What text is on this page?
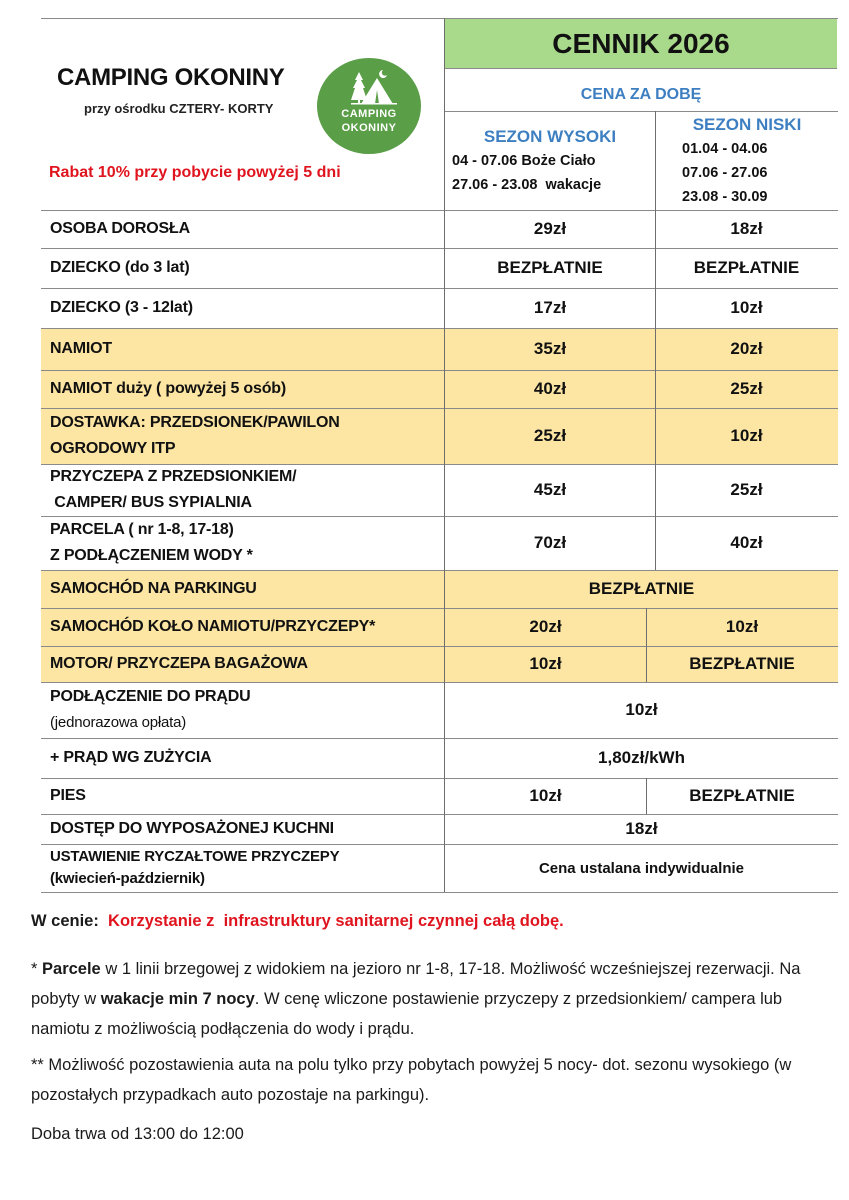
CAMPING OKONINY
przy ośrodku CZTERY- KORTY
Rabat 10% przy pobycie powyżej 5 dni
CAMPING
OKONINY
CENNIK 2026
CENA ZA DOBĘ
SEZON WYSOKI
04 - 07.06 Boże Ciało
27.06 - 23.08  wakacje
SEZON NISKI
01.04 - 04.06
07.06 - 27.06
23.08 - 30.09
OSOBA DOROSŁA	29zł	18zł
DZIECKO (do 3 lat)	BEZPŁATNIE	BEZPŁATNIE
DZIECKO (3 - 12lat)	17zł	10zł
NAMIOT	35zł	20zł
NAMIOT duży ( powyżej 5 osób)	40zł	25zł
DOSTAWKA: PRZEDSIONEK/PAWILON
OGRODOWY ITP
25zł	10zł
PRZYCZEPA Z PRZEDSIONKIEM/
CAMPER/ BUS SYPIALNIA
45zł	25zł
PARCELA ( nr 1-8, 17-18)
Z PODŁĄCZENIEM WODY *
70zł	40zł
SAMOCHÓD NA PARKINGU	BEZPŁATNIE
SAMOCHÓD KOŁO NAMIOTU/PRZYCZEPY*	20zł	10zł
MOTOR/ PRZYCZEPA BAGAŻOWA	10zł	BEZPŁATNIE
PODŁĄCZENIE DO PRĄDU
(jednorazowa opłata)
10zł
+ PRĄD WG ZUŻYCIA	1,80zł/kWh
PIES	10zł	BEZPŁATNIE
DOSTĘP DO WYPOSAŻONEJ KUCHNI	18zł
USTAWIENIE RYCZAŁTOWE PRZYCZEPY
(kwiecień-październik)
Cena ustalana indywidualnie
W cenie: Korzystanie z  infrastruktury sanitarnej czynnej całą dobę.
* Parcele w 1 linii brzegowej z widokiem na jezioro nr 1-8, 17-18. Możliwość wcześniejszej rezerwacji. Na pobyty w wakacje min 7 nocy. W cenę wliczone postawienie przyczepy z przedsionkiem/ campera lub namiotu z możliwością podłączenia do wody i prądu.
** Możliwość pozostawienia auta na polu tylko przy pobytach powyżej 5 nocy- dot. sezonu wysokiego (w pozostałych przypadkach auto pozostaje na parkingu).
Doba trwa od 13:00 do 12:00
